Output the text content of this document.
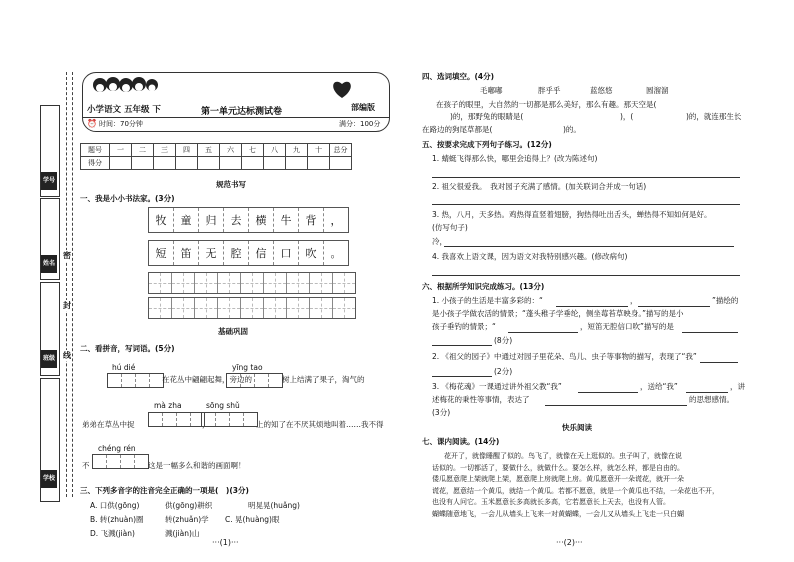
学号
姓名
班级
学校
密
封
线
小学语文 五年级 下	第一单元达标测试卷	部编版
⏰ 时间：70分钟	满分：100分
题号	一	二	三	四	五	六	七	八	九	十	总分
得分											
规范书写
一、我是小小书法家。(3分)
牧	童	归	去	横	牛	背	，
短	笛	无	腔	信	口	吹	。
基础巩固
二、看拼音，写词语。(5分)
hú dié
在花丛中翩翩起舞，旁边的
yīng tao
树上结满了果子，淘气的
mà zha	sōng shǔ
弟弟在草丛中捉	，	上的知了在不厌其烦地叫着……我不得
chéng rén
不	这是一幅多么和谐的画面啊！
三、下列多音字的注音完全正确的一项是(　)(3分)
A. 口供(gōng)	供(gōng)耕织	明晃晃(huǎng)
B. 转(zhuàn)圈	转(zhuǎn)学 C. 晃(huàng)眼
D. 飞溅(jiàn)	溅(jiàn)山
···(1)···
四、选词填空。(4分)
毛嘟嘟	胖乎乎	蓝悠悠	圆溜溜
在孩子的眼里，大自然的一切都是那么美好，那么有趣。那天空是(
)的，那野兔的眼睛是(	)，(	)的，就连那生长
在路边的狗尾草都是(	)的。
五、按要求完成下列句子练习。(12分)
1. 蜻蜓飞得那么快，哪里会追得上？(改为陈述句)
2. 祖父很爱我。　我对园子充满了感情。(加关联词合并成一句话)
3. 热，八月，天多热。鸡热得直竖着翅膀，狗热得吐出舌头，蝉热得不知如何是好。
(仿写句子)
冷，
4. 我喜欢上语文课，因为语文对我特别感兴趣。(修改病句)
六、根据所学知识完成练习。(13分)
1. 小孩子的生活是丰富多彩的：“	，	”描绘的
是小孩子学做农活的情景；“蓬头稚子学垂纶，侧坐莓苔草映身。”描写的是小
孩子垂钓的情景；“	，短笛无腔信口吹”描写的是
(8分)
2. 《祖父的园子》中通过对园子里花朵、鸟儿、虫子等事物的描写，表现了“我”
(2分)
3. 《梅花魂》一课通过讲外祖父教“我”	，送给“我”	，讲
述梅花的秉性等事情，表达了	的思想感情。
(3分)
快乐阅读
七、课内阅读。(14分)
花开了，就像睡醒了似的。鸟飞了，就像在天上逛似的。虫子叫了，就像在说
话似的。一切都活了，要做什么，就做什么。要怎么样，就怎么样，都是自由的。
倭瓜愿意爬上架就爬上架，愿意爬上房就爬上房。黄瓜愿意开一朵谎花，就开一朵
谎花，愿意结一个黄瓜，就结一个黄瓜。若都不愿意，就是一个黄瓜也不结，一朵花也不开，
也没有人问它。玉米愿意长多高就长多高，它若愿意长上天去，也没有人管。
蝴蝶随意地飞，一会儿从墙头上飞来一对黄蝴蝶，一会儿又从墙头上飞走一只白蝴
···(2)···
